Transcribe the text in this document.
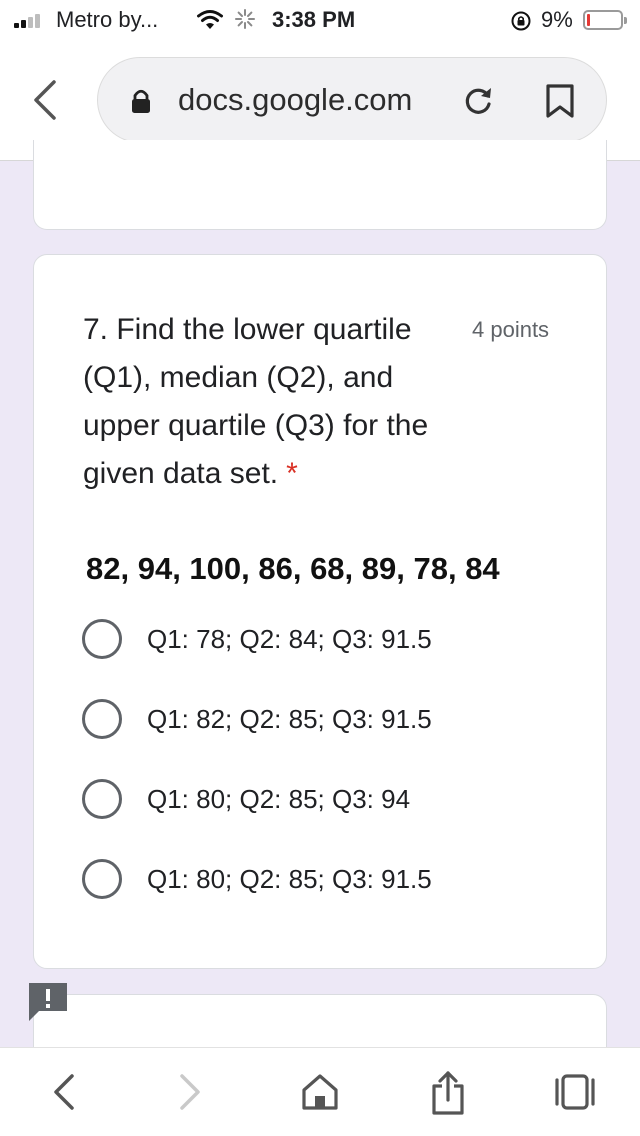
Metro by...	3:38 PM	9%
docs.google.com
7. Find the lower quartile (Q1), median (Q2), and upper quartile (Q3) for the given data set. *
4 points
82, 94, 100, 86, 68, 89, 78, 84
Q1: 78; Q2: 84; Q3: 91.5
Q1: 82; Q2: 85; Q3: 91.5
Q1: 80; Q2: 85; Q3: 94
Q1: 80; Q2: 85; Q3: 91.5
